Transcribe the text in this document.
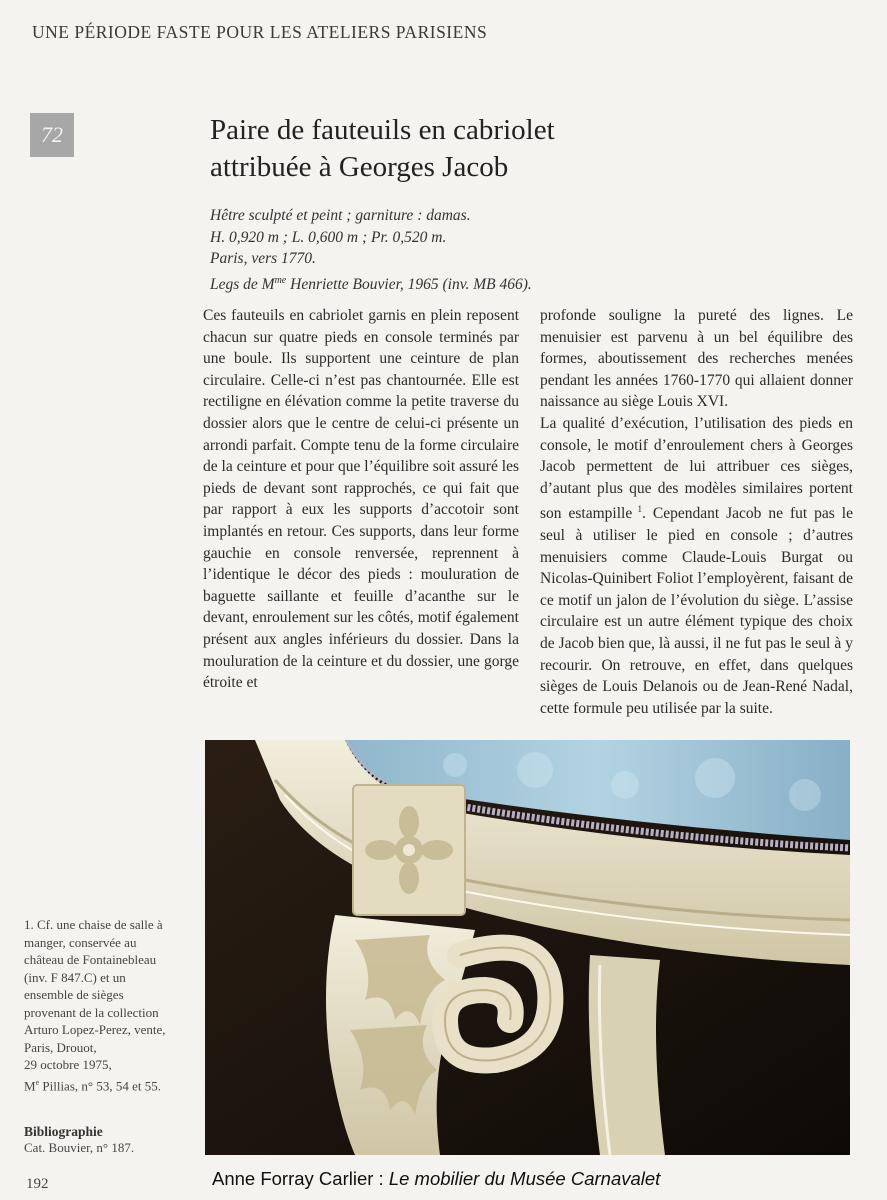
UNE PÉRIODE FASTE POUR LES ATELIERS PARISIENS
72	Paire de fauteuils en cabriolet
attribuée à Georges Jacob
Hêtre sculpté et peint ; garniture : damas.
H. 0,920 m ; L. 0,600 m ; Pr. 0,520 m.
Paris, vers 1770.
Legs de $M^{me}$ Henriette Bouvier, 1965 (inv. MB 466).

Ces fauteuils en cabriolet garnis en plein reposent chacun sur quatre pieds en console terminés par une boule. Ils supportent une ceinture de plan circulaire. Celle-ci n’est pas chantournée. Elle est rectiligne en élévation comme la petite traverse du dossier alors que le centre de celui-ci présente un arrondi parfait. Compte tenu de la forme circulaire de la ceinture et pour que l’équilibre soit assuré les pieds de devant sont rapprochés, ce qui fait que par rapport à eux les supports d’accotoir sont implantés en retour. Ces supports, dans leur forme gauchie en console renversée, reprennent à l’identique le décor des pieds : mouluration de baguette saillante et feuille d’acanthe sur le devant, enroulement sur les côtés, motif également présent aux angles inférieurs du dossier. Dans la mouluration de la ceinture et du dossier, une gorge étroite et

profonde souligne la pureté des lignes. Le menuisier est parvenu à un bel équilibre des formes, aboutissement des recherches menées pendant les années 1760-1770 qui allaient donner naissance au siège Louis XVI.

La qualité d’exécution, l’utilisation des pieds en console, le motif d’enroulement chers à Georges Jacob permettent de lui attribuer ces sièges, d’autant plus que des modèles similaires portent son estampille $^1$. Cependant Jacob ne fut pas le seul à utiliser le pied en console ; d’autres menuisiers comme Claude-Louis Burgat ou Nicolas-Quinibert Foliot l’employèrent, faisant de ce motif un jalon de l’évolution du siège. L’assise circulaire est un autre élément typique des choix de Jacob bien que, là aussi, il ne fut pas le seul à y recourir. On retrouve, en effet, dans quelques sièges de Louis Delanois ou de Jean-René Nadal, cette formule peu utilisée par la suite.

1. Cf. une chaise de salle à
manger, conservée au
château de Fontainebleau
(inv. F 847.C) et un
ensemble de sièges
provenant de la collection
Arturo Lopez-Perez, vente,
Paris, Drouot,
29 octobre 1975,
Me Pillias, n° 53, 54 et 55.
Bibliographie
Cat. Bouvier, n° 187.
192	Anne Forray Carlier : Le mobilier du Musée Carnavalet
